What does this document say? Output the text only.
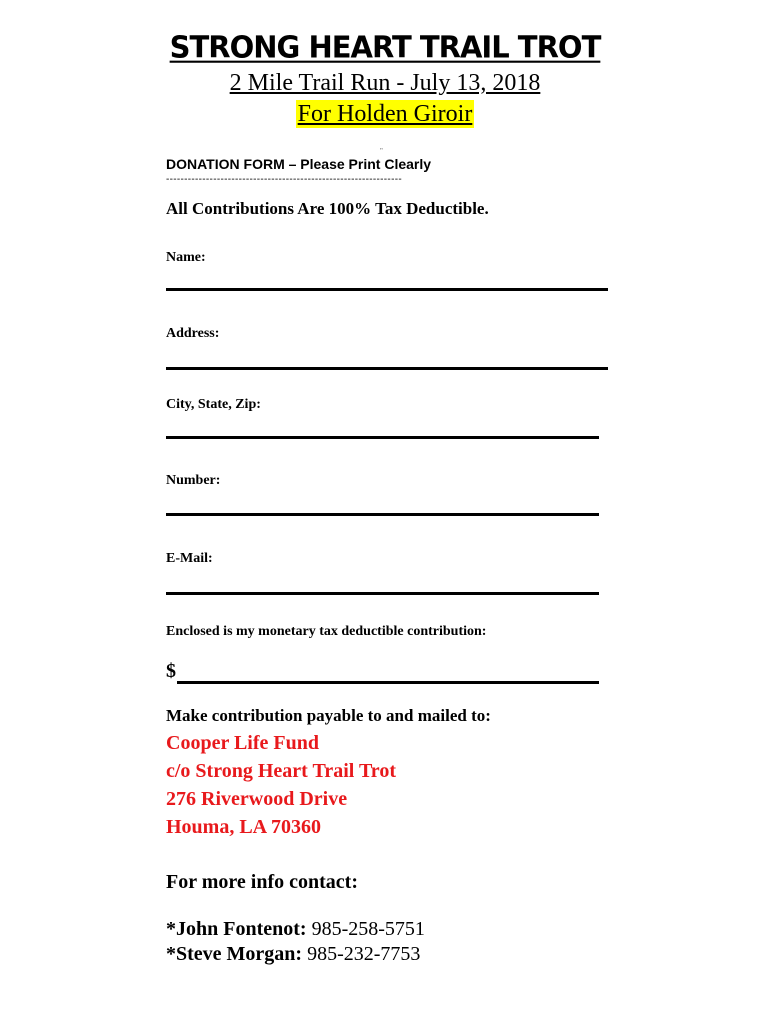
STRONG HEART TRAIL TROT
2 Mile Trail Run - July 13, 2018
For Holden Giroir
"
DONATION FORM – Please Print Clearly
-----------------------------------------------------------------
All Contributions Are 100% Tax Deductible.
Name:
Address:
City, State, Zip:
Number:
E-Mail:
Enclosed is my monetary tax deductible contribution:
$
Make contribution payable to and mailed to:
Cooper Life Fund
c/o Strong Heart Trail Trot
276 Riverwood Drive
Houma, LA 70360
For more info contact:
*John Fontenot: 985-258-5751
*Steve Morgan: 985-232-7753
